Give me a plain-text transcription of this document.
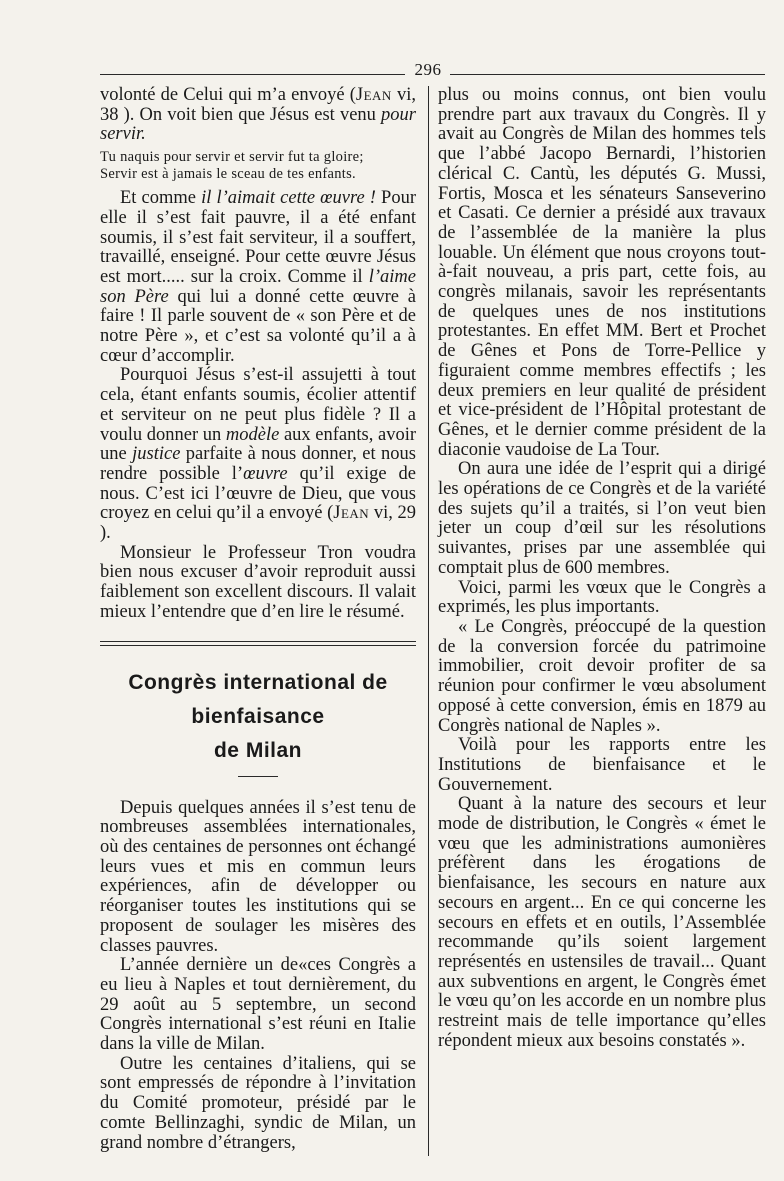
296

volonté de Celui qui m’a envoyé (Jean vi, 38 ). On voit bien que Jésus est venu pour servir.

Tu naquis pour servir et servir fut ta gloire;
Servir est à jamais le sceau de tes enfants.

Et comme il l’aimait cette œuvre ! Pour elle il s’est fait pauvre, il a été enfant soumis, il s’est fait serviteur, il a souffert, travaillé, enseigné. Pour cette œuvre Jésus est mort..... sur la croix. Comme il l’aime son Père qui lui a donné cette œuvre à faire ! Il parle souvent de « son Père et de notre Père », et c’est sa volonté qu’il a à cœur d’accomplir.

Pourquoi Jésus s’est-il assujetti à tout cela, étant enfants soumis, écolier attentif et serviteur on ne peut plus fidèle ? Il a voulu donner un modèle aux enfants, avoir une justice parfaite à nous donner, et nous rendre possible l’œuvre qu’il exige de nous. C’est ici l’œuvre de Dieu, que vous croyez en celui qu’il a envoyé (Jean vi, 29 ).

Monsieur le Professeur Tron voudra bien nous excuser d’avoir reproduit aussi faiblement son excellent discours. Il valait mieux l’entendre que d’en lire le résumé.

Congrès international de bienfaisance
de Milan

Depuis quelques années il s’est tenu de nombreuses assemblées internationales, où des centaines de personnes ont échangé leurs vues et mis en commun leurs expériences, afin de développer ou réorganiser toutes les institutions qui se proposent de soulager les misères des classes pauvres.

L’année dernière un de«ces Congrès a eu lieu à Naples et tout dernièrement, du 29 août au 5 septembre, un second Congrès international s’est réuni en Italie dans la ville de Milan.

Outre les centaines d’italiens, qui se sont empressés de répondre à l’invitation du Comité promoteur, présidé par le comte Bellinzaghi, syndic de Milan, un grand nombre d’étrangers,

plus ou moins connus, ont bien voulu prendre part aux travaux du Congrès. Il y avait au Congrès de Milan des hommes tels que l’abbé Jacopo Bernardi, l’historien clérical C. Cantù, les députés G. Mussi, Fortis, Mosca et les sénateurs Sanseverino et Casati. Ce dernier a présidé aux travaux de l’assemblée de la manière la plus louable. Un élément que nous croyons tout-à-fait nouveau, a pris part, cette fois, au congrès milanais, savoir les représentants de quelques unes de nos institutions protestantes. En effet MM. Bert et Prochet de Gênes et Pons de Torre-Pellice y figuraient comme membres effectifs ; les deux premiers en leur qualité de président et vice-président de l’Hôpital protestant de Gênes, et le dernier comme président de la diaconie vaudoise de La Tour.

On aura une idée de l’esprit qui a dirigé les opérations de ce Congrès et de la variété des sujets qu’il a traités, si l’on veut bien jeter un coup d’œil sur les résolutions suivantes, prises par une assemblée qui comptait plus de 600 membres.

Voici, parmi les vœux que le Congrès a exprimés, les plus importants.

« Le Congrès, préoccupé de la question de la conversion forcée du patrimoine immobilier, croit devoir profiter de sa réunion pour confirmer le vœu absolument opposé à cette conversion, émis en 1879 au Congrès national de Naples ».

Voilà pour les rapports entre les Institutions de bienfaisance et le Gouvernement.

Quant à la nature des secours et leur mode de distribution, le Congrès « émet le vœu que les administrations aumonières préfèrent dans les érogations de bienfaisance, les secours en nature aux secours en argent... En ce qui concerne les secours en effets et en outils, l’Assemblée recommande qu’ils soient largement représentés en ustensiles de travail... Quant aux subventions en argent, le Congrès émet le vœu qu’on les accorde en un nombre plus restreint mais de telle importance qu’elles répondent mieux aux besoins constatés ».
